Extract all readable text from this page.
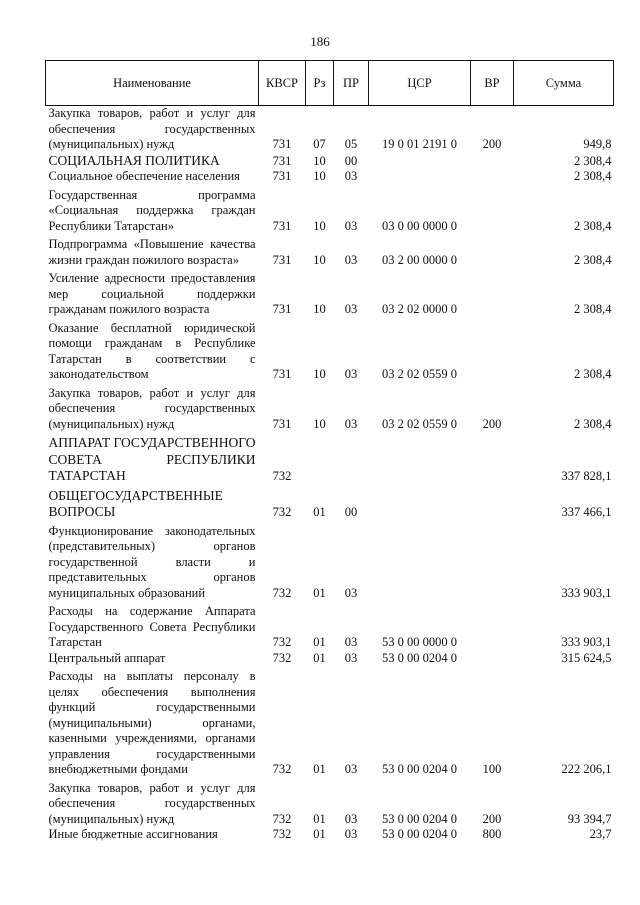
186
Наименование	КВСР	Рз	ПР	ЦСР	ВР	Сумма
Закупка товаров, работ и услуг для обеспечения государственных (муниципальных) нужд	731	07	05	19 0 01 2191 0	200	949,8
СОЦИАЛЬНАЯ ПОЛИТИКА	731	10	00			2 308,4
Социальное обеспечение населения	731	10	03			2 308,4
Государственная программа «Социальная поддержка граждан Республики Татарстан»	731	10	03	03 0 00 0000 0		2 308,4
Подпрограмма «Повышение качества жизни граждан пожилого возраста»	731	10	03	03 2 00 0000 0		2 308,4
Усиление адресности предоставления мер социальной поддержки гражданам пожилого возраста	731	10	03	03 2 02 0000 0		2 308,4
Оказание бесплатной юридической помощи гражданам в Республике Татарстан в соответствии с законодательством	731	10	03	03 2 02 0559 0		2 308,4
Закупка товаров, работ и услуг для обеспечения государственных (муниципальных) нужд	731	10	03	03 2 02 0559 0	200	2 308,4
АППАРАТ ГОСУДАРСТВЕННОГО СОВЕТА РЕСПУБЛИКИ ТАТАРСТАН	732					337 828,1
ОБЩЕГОСУДАРСТВЕННЫЕ ВОПРОСЫ	732	01	00			337 466,1
Функционирование законодательных (представительных) органов государственной власти и представительных органов муниципальных образований	732	01	03			333 903,1
Расходы на содержание Аппарата Государственного Совета Республики Татарстан	732	01	03	53 0 00 0000 0		333 903,1
Центральный аппарат	732	01	03	53 0 00 0204 0		315 624,5
Расходы на выплаты персоналу в целях обеспечения выполнения функций государственными (муниципальными) органами, казенными учреждениями, органами управления государственными внебюджетными фондами	732	01	03	53 0 00 0204 0	100	222 206,1
Закупка товаров, работ и услуг для обеспечения государственных (муниципальных) нужд	732	01	03	53 0 00 0204 0	200	93 394,7
Иные бюджетные ассигнования	732	01	03	53 0 00 0204 0	800	23,7
